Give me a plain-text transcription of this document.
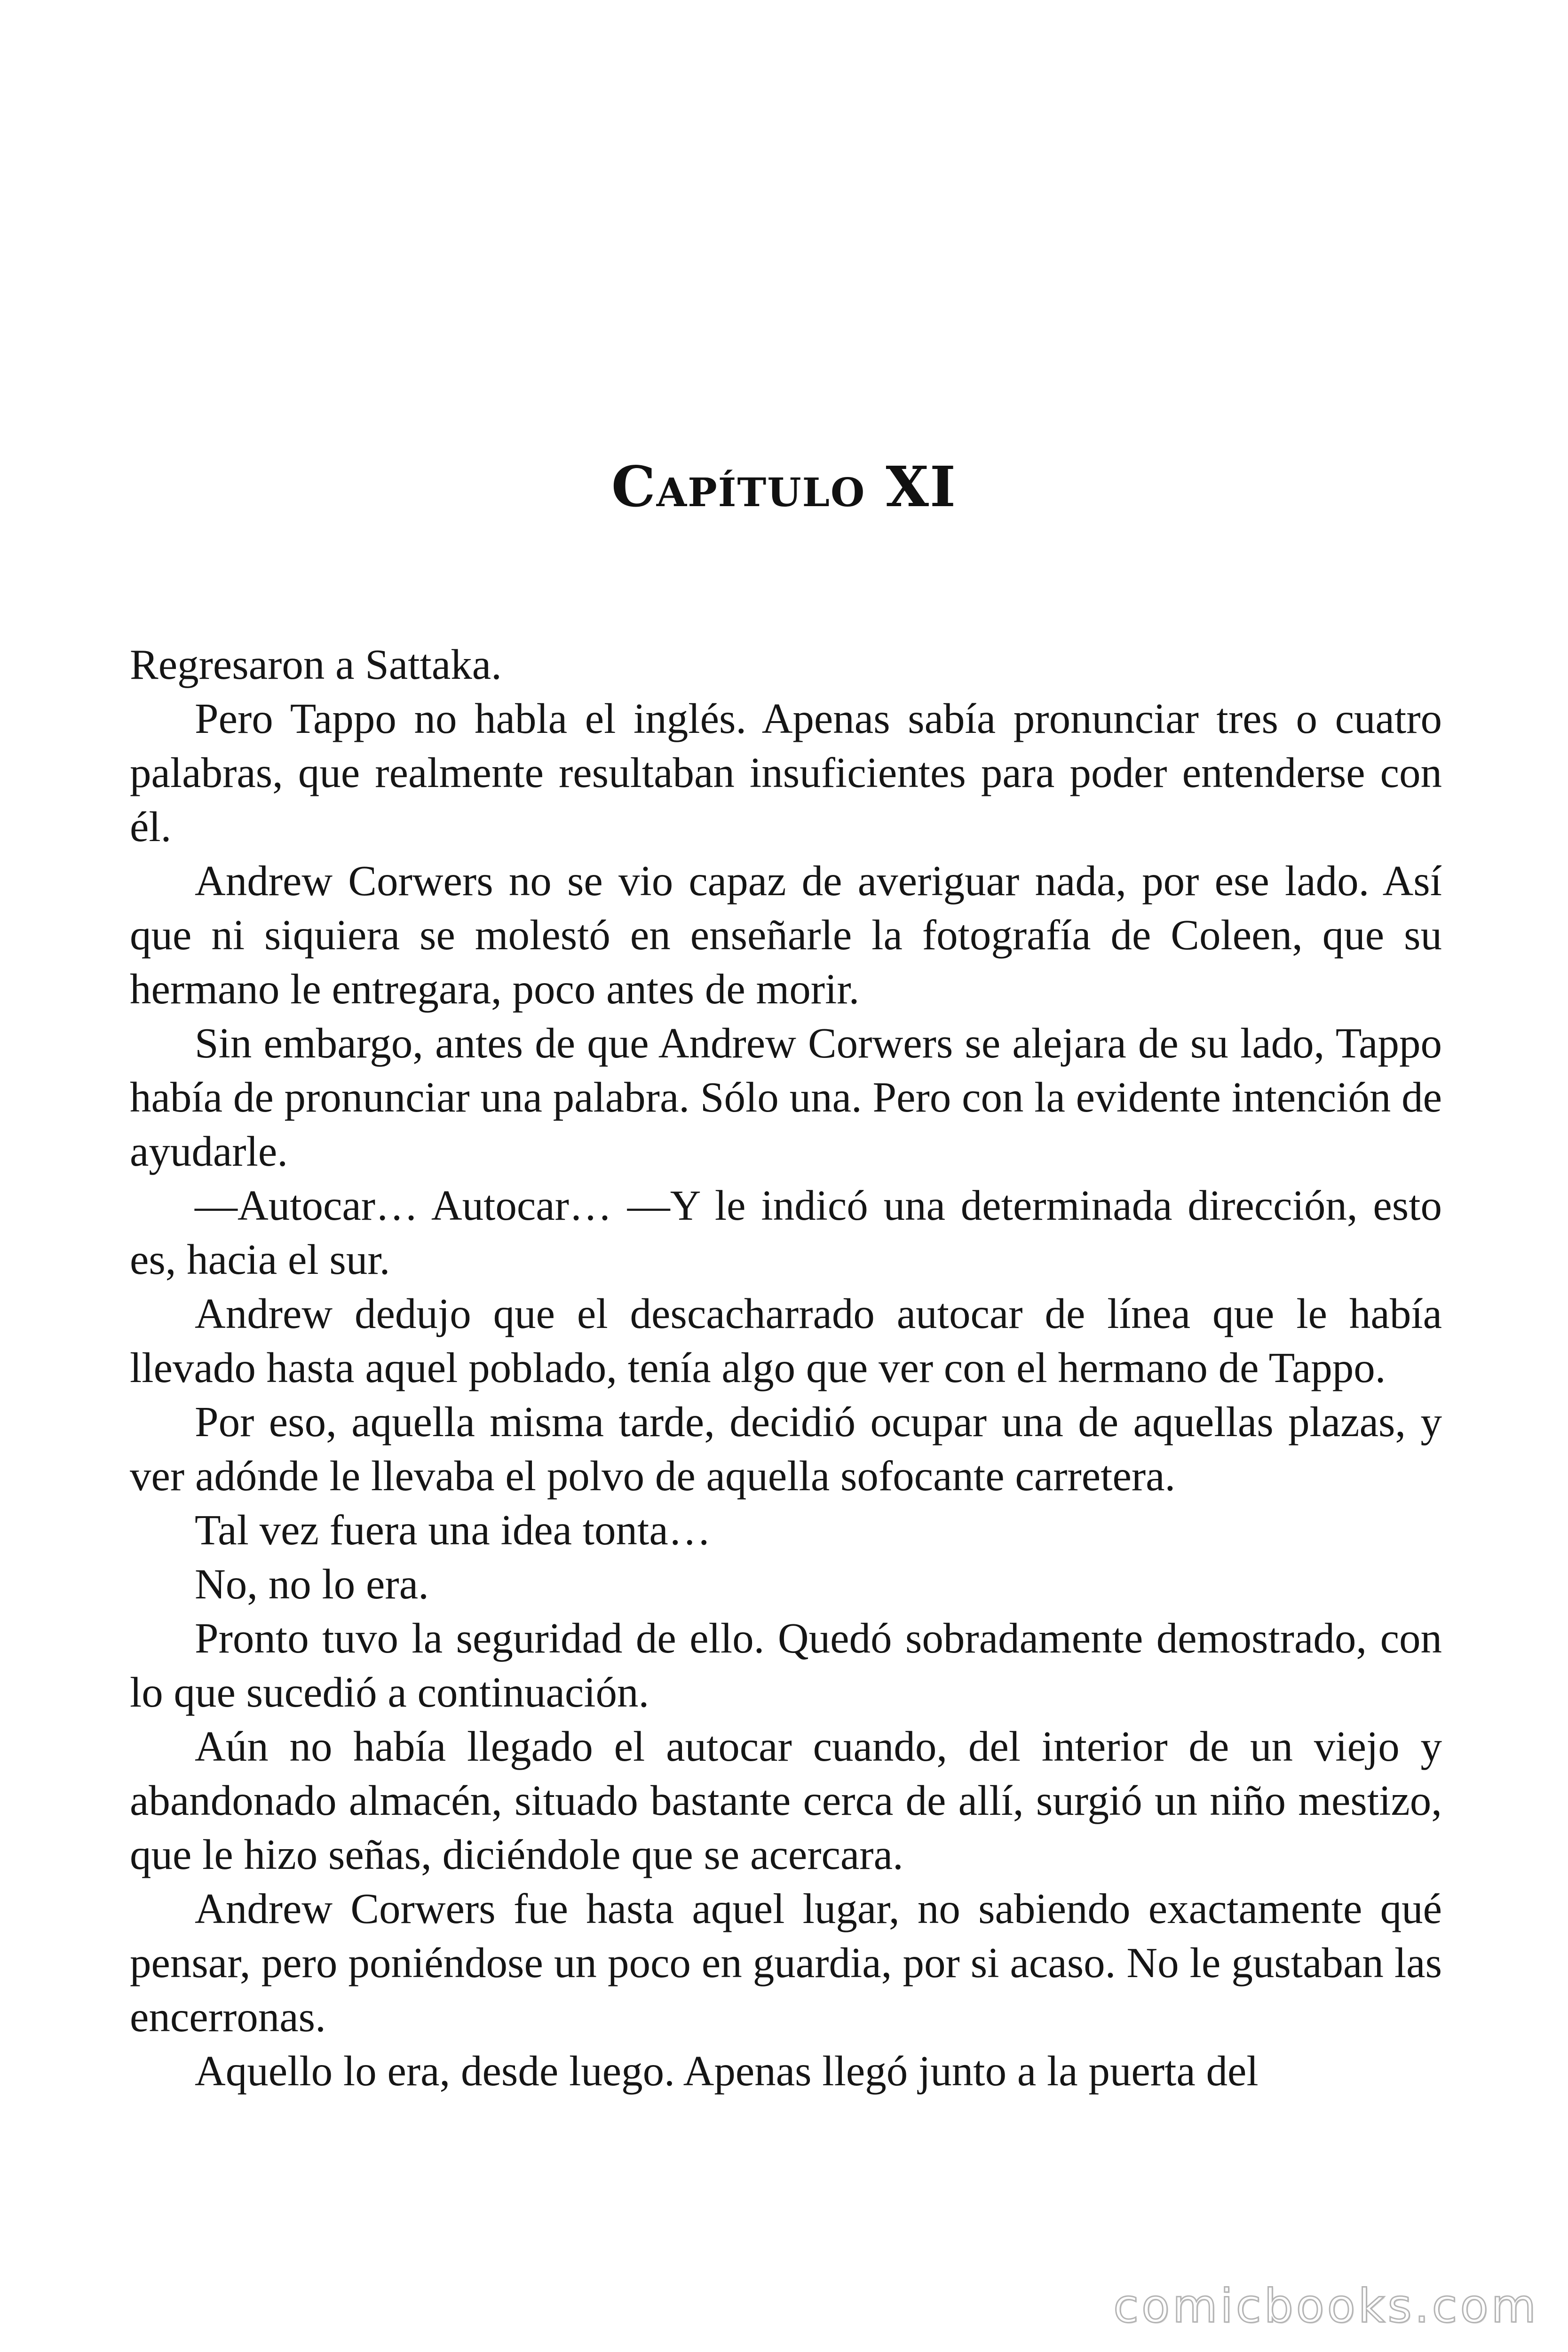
Capítulo XI

Regresaron a Sattaka.

Pero Tappo no habla el inglés. Apenas sabía pronunciar tres o cuatro palabras, que realmente resultaban insuficientes para poder entenderse con él.

Andrew Corwers no se vio capaz de averiguar nada, por ese lado. Así que ni siquiera se molestó en enseñarle la fotografía de Coleen, que su hermano le entregara, poco antes de morir.

Sin embargo, antes de que Andrew Corwers se alejara de su lado, Tappo había de pronunciar una palabra. Sólo una. Pero con la evidente intención de ayudarle.

—Autocar… Autocar… —Y le indicó una determinada dirección, esto es, hacia el sur.

Andrew dedujo que el descacharrado autocar de línea que le había llevado hasta aquel poblado, tenía algo que ver con el hermano de Tappo.

Por eso, aquella misma tarde, decidió ocupar una de aquellas plazas, y ver adónde le llevaba el polvo de aquella sofocante carretera.

Tal vez fuera una idea tonta…

No, no lo era.

Pronto tuvo la seguridad de ello. Quedó sobradamente demostrado, con lo que sucedió a continuación.

Aún no había llegado el autocar cuando, del interior de un viejo y abandonado almacén, situado bastante cerca de allí, surgió un niño mestizo, que le hizo señas, diciéndole que se acercara.

Andrew Corwers fue hasta aquel lugar, no sabiendo exactamente qué pensar, pero poniéndose un poco en guardia, por si acaso. No le gustaban las encerronas.

Aquello lo era, desde luego. Apenas llegó junto a la puerta del

comicbooks.com
